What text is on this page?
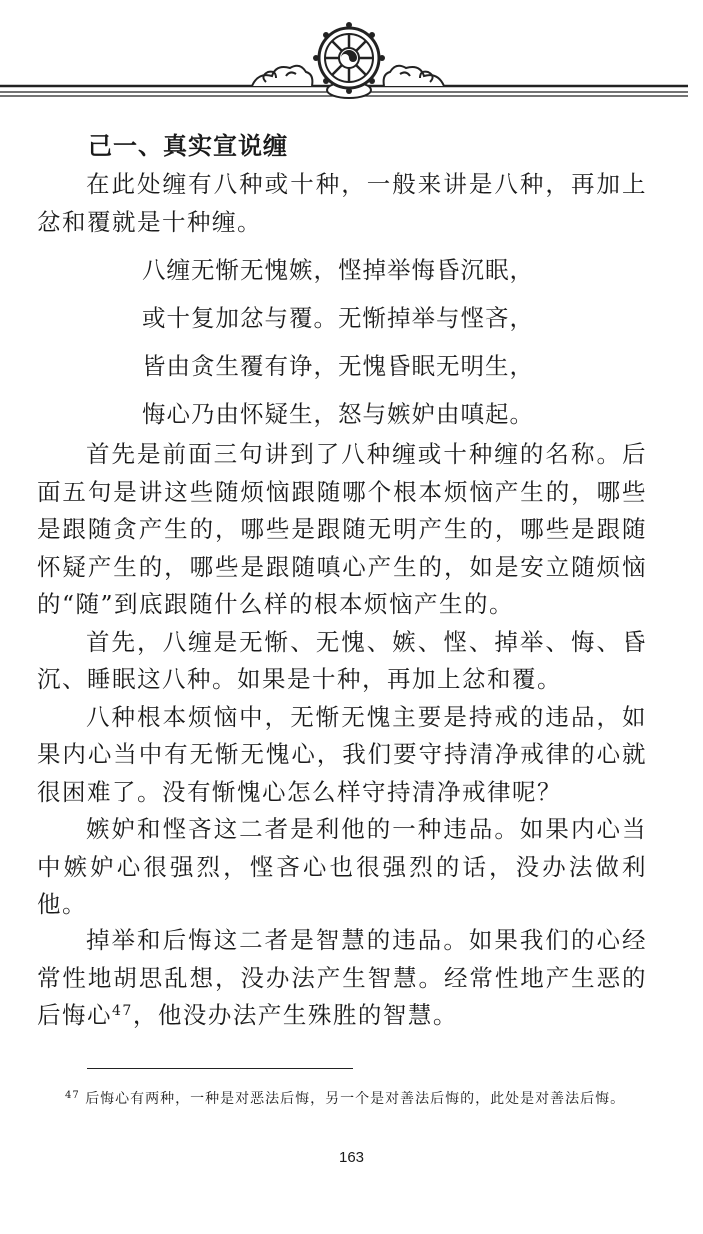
己一、真实宣说缠

在此处缠有八种或十种，一般来讲是八种，再加上忿和覆就是十种缠。

八缠无惭无愧嫉，悭掉举悔昏沉眠，
或十复加忿与覆。无惭掉举与悭吝，
皆由贪生覆有诤，无愧昏眠无明生，
悔心乃由怀疑生，怒与嫉妒由嗔起。

首先是前面三句讲到了八种缠或十种缠的名称。后面五句是讲这些随烦恼跟随哪个根本烦恼产生的，哪些是跟随贪产生的，哪些是跟随无明产生的，哪些是跟随怀疑产生的，哪些是跟随嗔心产生的，如是安立随烦恼的“随”到底跟随什么样的根本烦恼产生的。

首先，八缠是无惭、无愧、嫉、悭、掉举、悔、昏沉、睡眠这八种。如果是十种，再加上忿和覆。

八种根本烦恼中，无惭无愧主要是持戒的违品，如果内心当中有无惭无愧心，我们要守持清净戒律的心就很困难了。没有惭愧心怎么样守持清净戒律呢？

嫉妒和悭吝这二者是利他的一种违品。如果内心当中嫉妒心很强烈，悭吝心也很强烈的话，没办法做利他。

掉举和后悔这二者是智慧的违品。如果我们的心经常性地胡思乱想，没办法产生智慧。经常性地产生恶的后悔心$^{47}$，他没办法产生殊胜的智慧。

$^{47}$ 后悔心有两种，一种是对恶法后悔，另一个是对善法后悔的，此处是对善法后悔。

163
